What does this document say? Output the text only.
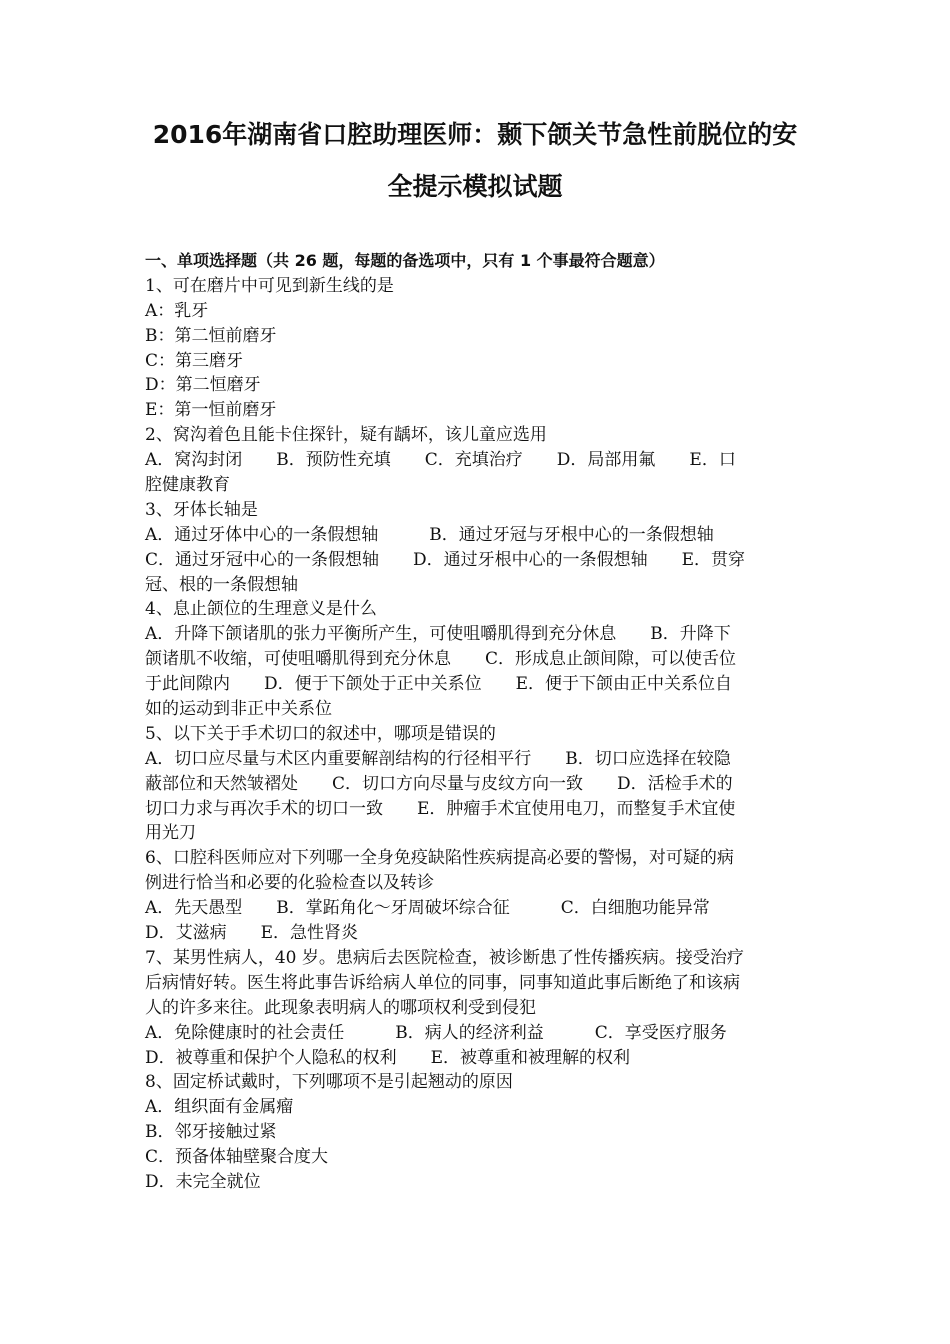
2016年湖南省口腔助理医师：颞下颌关节急性前脱位的安
全提示模拟试题
一、单项选择题（共 26 题，每题的备选项中，只有 1 个事最符合题意）
1、可在磨片中可见到新生线的是
A：乳牙
B：第二恒前磨牙
C：第三磨牙
D：第二恒磨牙
E：第一恒前磨牙
2、窝沟着色且能卡住探针，疑有龋坏，该儿童应选用
A．窝沟封闭　　B．预防性充填　　C．充填治疗　　D．局部用氟　　E．口
腔健康教育
3、牙体长轴是
A．通过牙体中心的一条假想轴　　　B．通过牙冠与牙根中心的一条假想轴
C．通过牙冠中心的一条假想轴　　D．通过牙根中心的一条假想轴　　E．贯穿
冠、根的一条假想轴
4、息止颌位的生理意义是什么
A．升降下颌诸肌的张力平衡所产生，可使咀嚼肌得到充分休息　　B．升降下
颌诸肌不收缩，可使咀嚼肌得到充分休息　　C．形成息止颌间隙，可以使舌位
于此间隙内　　D．便于下颌处于正中关系位　　E．便于下颌由正中关系位自
如的运动到非正中关系位
5、以下关于手术切口的叙述中，哪项是错误的
A．切口应尽量与术区内重要解剖结构的行径相平行　　B．切口应选择在较隐
蔽部位和天然皱褶处　　C．切口方向尽量与皮纹方向一致　　D．活检手术的
切口力求与再次手术的切口一致　　E．肿瘤手术宜使用电刀，而整复手术宜使
用光刀
6、口腔科医师应对下列哪一全身免疫缺陷性疾病提高必要的警惕，对可疑的病
例进行恰当和必要的化验检查以及转诊
A．先天愚型　　B．掌跖角化～牙周破坏综合征　　　C．白细胞功能异常
D．艾滋病　　E．急性肾炎
7、某男性病人，40 岁。患病后去医院检查，被诊断患了性传播疾病。接受治疗
后病情好转。医生将此事告诉给病人单位的同事，同事知道此事后断绝了和该病
人的许多来往。此现象表明病人的哪项权利受到侵犯
A．免除健康时的社会责任　　　B．病人的经济利益　　　C．享受医疗服务
D．被尊重和保护个人隐私的权利　　E．被尊重和被理解的权利
8、固定桥试戴时，下列哪项不是引起翘动的原因
A．组织面有金属瘤
B．邻牙接触过紧
C．预备体轴壁聚合度大
D．未完全就位
